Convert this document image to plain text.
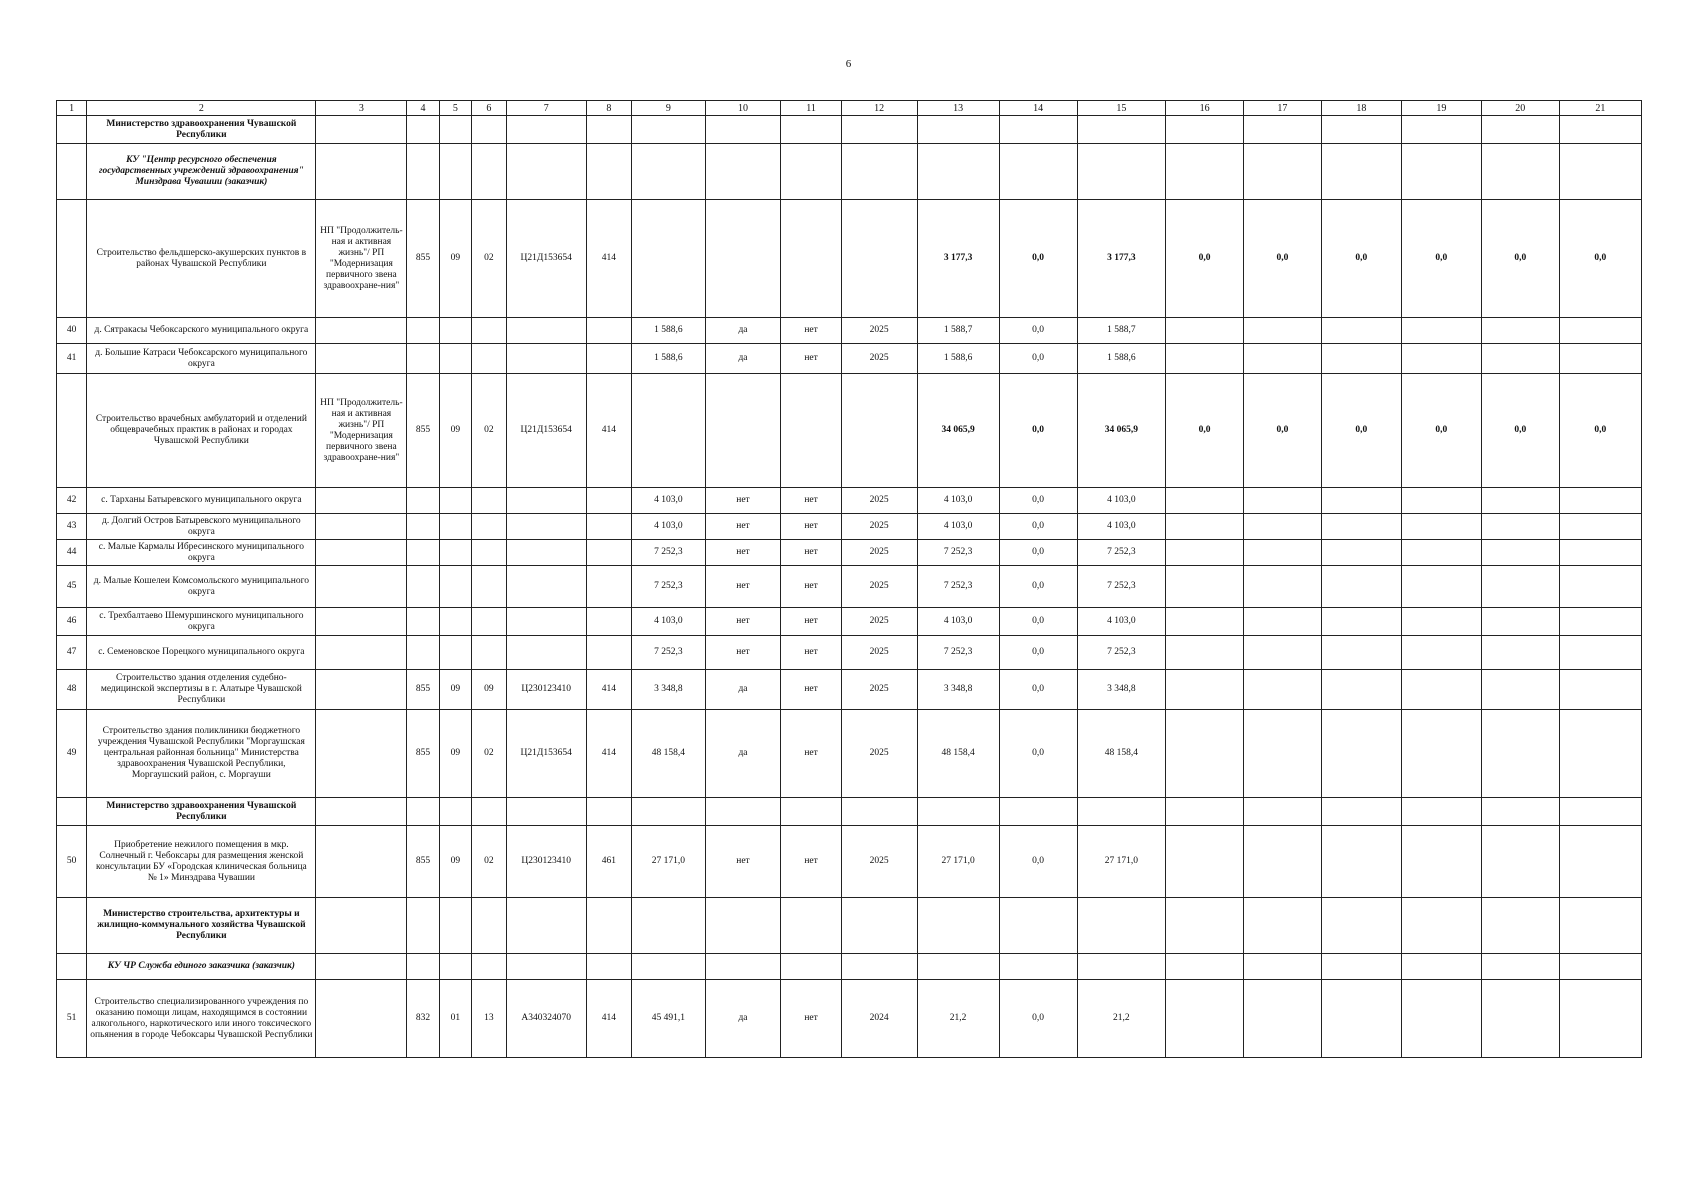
6
1	2	3	4	5	6	7	8	9	10	11	12	13	14	15	16	17	18	19	20	21
	Министерство здравоохранения Чувашской Республики																			
	КУ "Центр ресурсного обеспечения государственных учреждений здравоохранения" Минздрава Чувашии (заказчик)																			
	Строительство фельдшерско-акушерских пунктов в районах Чувашской Республики	НП "Продолжитель-ная и активная жизнь"/ РП "Модернизация первичного звена здравоохране-ния"	855	09	02	Ц21Д153654	414					3 177,3	0,0	3 177,3	0,0	0,0	0,0	0,0	0,0	0,0
40	д. Сятракасы Чебоксарского муниципального округа							1 588,6	да	нет	2025	1 588,7	0,0	1 588,7						
41	д. Большие Катраси Чебоксарского муниципального округа							1 588,6	да	нет	2025	1 588,6	0,0	1 588,6						
	Строительство врачебных амбулаторий и отделений общеврачебных практик в районах и городах Чувашской Республики	НП "Продолжитель-ная и активная жизнь"/ РП "Модернизация первичного звена здравоохране-ния"	855	09	02	Ц21Д153654	414					34 065,9	0,0	34 065,9	0,0	0,0	0,0	0,0	0,0	0,0
42	с. Тарханы Батыревского муниципального округа							4 103,0	нет	нет	2025	4 103,0	0,0	4 103,0						
43	д. Долгий Остров Батыревского муниципального округа							4 103,0	нет	нет	2025	4 103,0	0,0	4 103,0						
44	с. Малые Кармалы Ибресинского муниципального округа							7 252,3	нет	нет	2025	7 252,3	0,0	7 252,3						
45	д. Малые Кошелеи Комсомольского муниципального округа							7 252,3	нет	нет	2025	7 252,3	0,0	7 252,3						
46	с. Трехбалтаево Шемуршинского муниципального округа							4 103,0	нет	нет	2025	4 103,0	0,0	4 103,0						
47	с. Семеновское Порецкого муниципального округа							7 252,3	нет	нет	2025	7 252,3	0,0	7 252,3						
48	Строительство здания отделения судебно-медицинской экспертизы в г. Алатыре Чувашской Республики		855	09	09	Ц230123410	414	3 348,8	да	нет	2025	3 348,8	0,0	3 348,8						
49	Строительство здания поликлиники бюджетного учреждения Чувашской Республики "Моргаушская центральная районная больница" Министерства здравоохранения Чувашской Республики, Моргаушский район, с. Моргауши		855	09	02	Ц21Д153654	414	48 158,4	да	нет	2025	48 158,4	0,0	48 158,4						
	Министерство здравоохранения Чувашской Республики																			
50	Приобретение нежилого помещения в мкр. Солнечный г. Чебоксары для размещения женской консультации БУ «Городская клиническая больница № 1» Минздрава Чувашии		855	09	02	Ц230123410	461	27 171,0	нет	нет	2025	27 171,0	0,0	27 171,0						
	Министерство строительства, архитектуры и жилищно-коммунального хозяйства Чувашской Республики																			
	КУ ЧР Служба единого заказчика (заказчик)																			
51	Строительство специализированного учреждения по оказанию помощи лицам, находящимся в состоянии алкогольного, наркотического или иного токсического опьянения в городе Чебоксары Чувашской Республики		832	01	13	А340324070	414	45 491,1	да	нет	2024	21,2	0,0	21,2						
